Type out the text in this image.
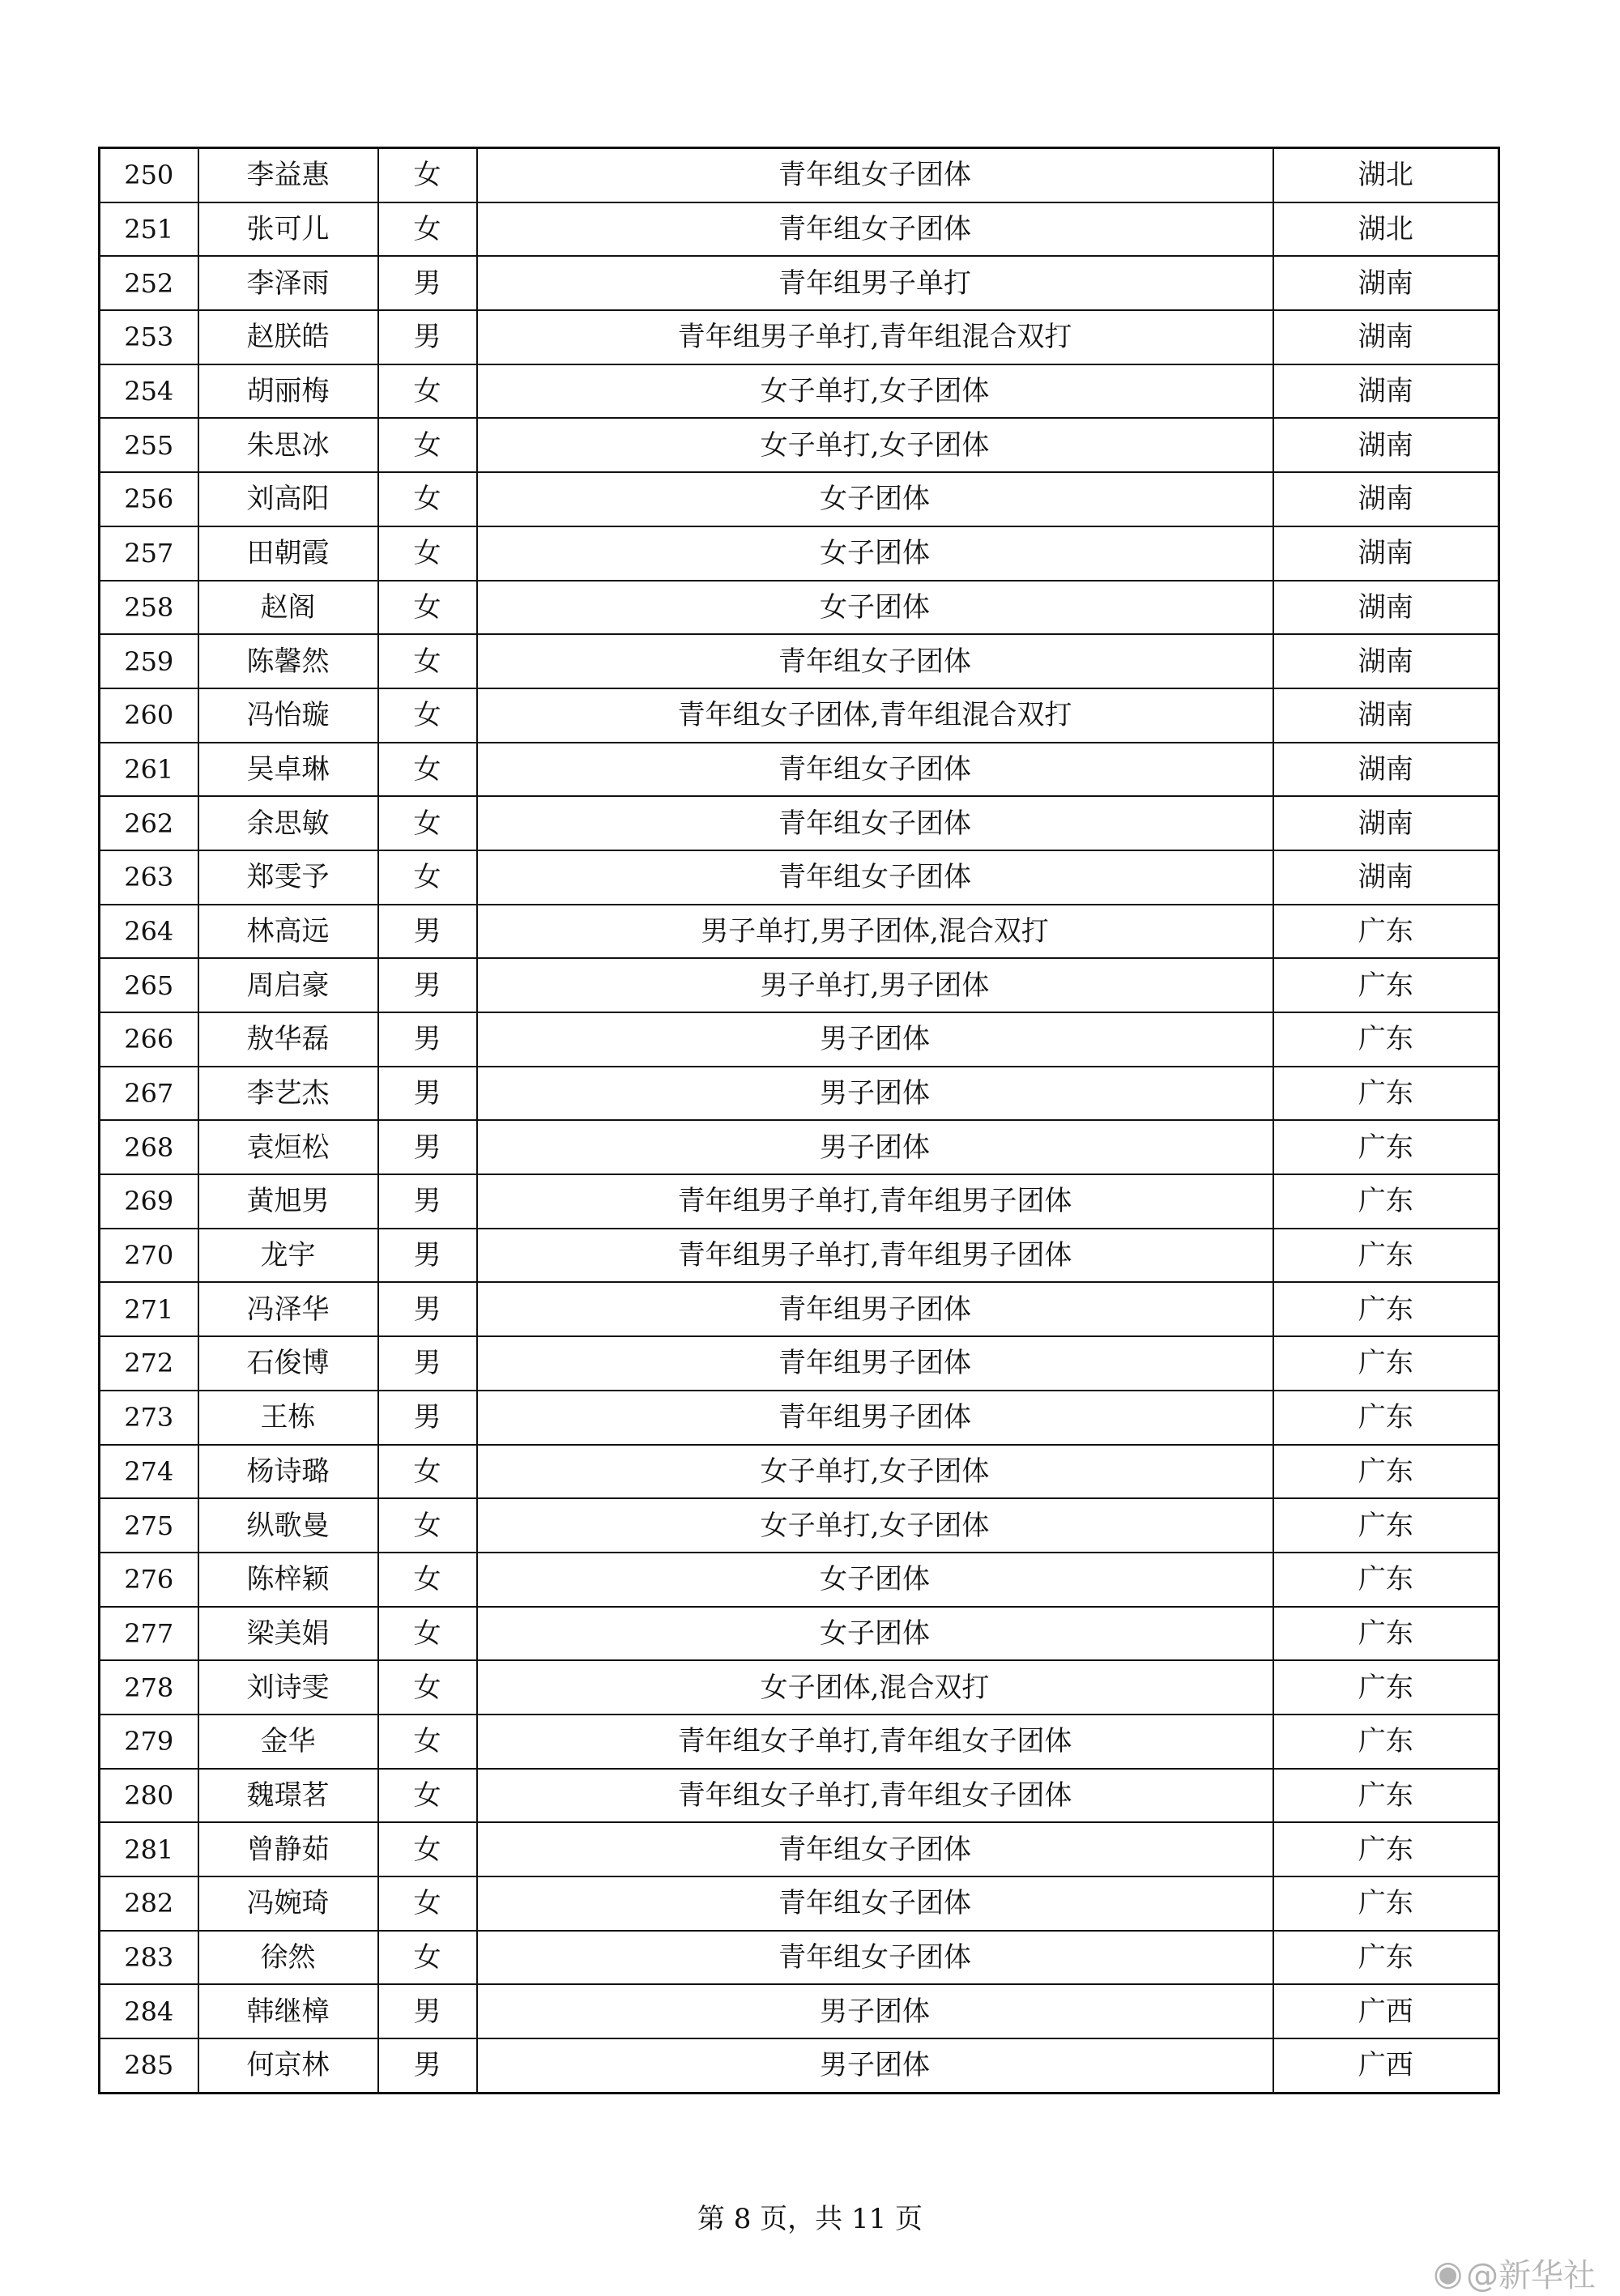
250	李益惠	女	青年组女子团体	湖北
251	张可儿	女	青年组女子团体	湖北
252	李泽雨	男	青年组男子单打	湖南
253	赵朕皓	男	青年组男子单打,青年组混合双打	湖南
254	胡丽梅	女	女子单打,女子团体	湖南
255	朱思冰	女	女子单打,女子团体	湖南
256	刘高阳	女	女子团体	湖南
257	田朝霞	女	女子团体	湖南
258	赵阁	女	女子团体	湖南
259	陈馨然	女	青年组女子团体	湖南
260	冯怡璇	女	青年组女子团体,青年组混合双打	湖南
261	吴卓琳	女	青年组女子团体	湖南
262	余思敏	女	青年组女子团体	湖南
263	郑雯予	女	青年组女子团体	湖南
264	林高远	男	男子单打,男子团体,混合双打	广东
265	周启豪	男	男子单打,男子团体	广东
266	敖华磊	男	男子团体	广东
267	李艺杰	男	男子团体	广东
268	袁烜松	男	男子团体	广东
269	黄旭男	男	青年组男子单打,青年组男子团体	广东
270	龙宇	男	青年组男子单打,青年组男子团体	广东
271	冯泽华	男	青年组男子团体	广东
272	石俊博	男	青年组男子团体	广东
273	王栋	男	青年组男子团体	广东
274	杨诗璐	女	女子单打,女子团体	广东
275	纵歌曼	女	女子单打,女子团体	广东
276	陈梓颖	女	女子团体	广东
277	梁美娟	女	女子团体	广东
278	刘诗雯	女	女子团体,混合双打	广东
279	金华	女	青年组女子单打,青年组女子团体	广东
280	魏璟茗	女	青年组女子单打,青年组女子团体	广东
281	曾静茹	女	青年组女子团体	广东
282	冯婉琦	女	青年组女子团体	广东
283	徐然	女	青年组女子团体	广东
284	韩继樟	男	男子团体	广西
285	何京林	男	男子团体	广西
第 8 页，共 11 页
◉ @新华社
